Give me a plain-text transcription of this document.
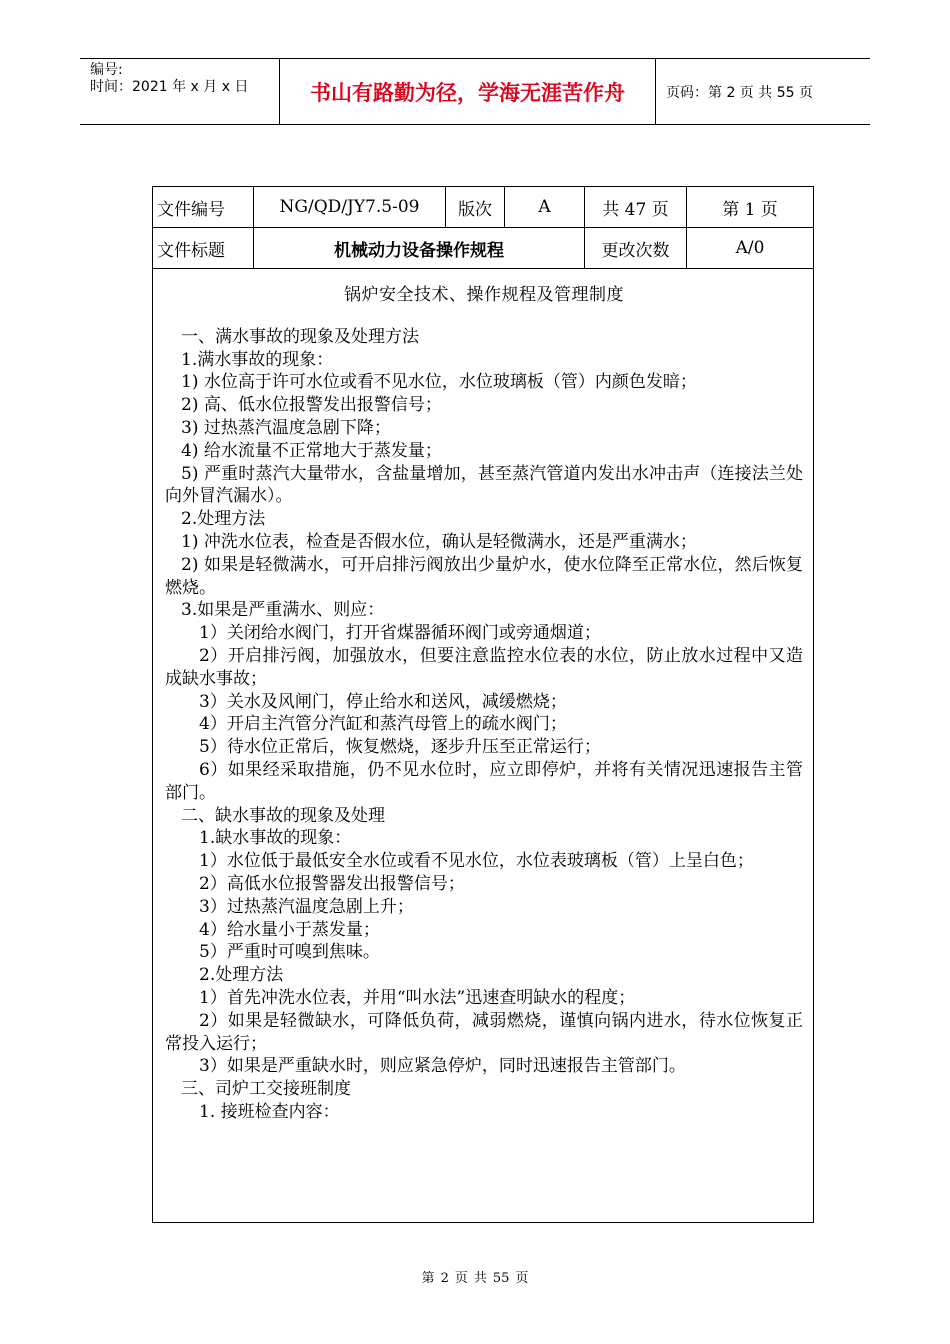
编号:
时间：2021 年 x 月 x 日	书山有路勤为径，学海无涯苦作舟	页码：第 2 页 共 55 页
文件编号	NG/QD/JY7.5-09	版次	A	共 47 页	第 1 页
文件标题	机械动力设备操作规程	更改次数	A/0
锅炉安全技术、操作规程及管理制度

一、满水事故的现象及处理方法

1.满水事故的现象：

1) 水位高于许可水位或看不见水位，水位玻璃板（管）内颜色发暗；

2) 高、低水位报警发出报警信号；

3) 过热蒸汽温度急剧下降；

4) 给水流量不正常地大于蒸发量；

5) 严重时蒸汽大量带水，含盐量增加，甚至蒸汽管道内发出水冲击声（连接法兰处向外冒汽漏水）。

2.处理方法

1) 冲洗水位表，检查是否假水位，确认是轻微满水，还是严重满水；

2) 如果是轻微满水，可开启排污阀放出少量炉水，使水位降至正常水位，然后恢复燃烧。

3.如果是严重满水、则应：

1）关闭给水阀门，打开省煤器循环阀门或旁通烟道；

2）开启排污阀，加强放水，但要注意监控水位表的水位，防止放水过程中又造成缺水事故；

3）关水及风闸门，停止给水和送风，减缓燃烧；

4）开启主汽管分汽缸和蒸汽母管上的疏水阀门；

5）待水位正常后，恢复燃烧，逐步升压至正常运行；

6）如果经采取措施，仍不见水位时，应立即停炉，并将有关情况迅速报告主管部门。

二、缺水事故的现象及处理

1.缺水事故的现象：

1）水位低于最低安全水位或看不见水位，水位表玻璃板（管）上呈白色；

2）高低水位报警器发出报警信号；

3）过热蒸汽温度急剧上升；

4）给水量小于蒸发量；

5）严重时可嗅到焦味。

2.处理方法

1）首先冲洗水位表，并用“叫水法”迅速查明缺水的程度；

2）如果是轻微缺水，可降低负荷，减弱燃烧，谨慎向锅内进水，待水位恢复正常投入运行；

3）如果是严重缺水时，则应紧急停炉，同时迅速报告主管部门。

三、司炉工交接班制度

1. 接班检查内容：

第 2 页 共 55 页
